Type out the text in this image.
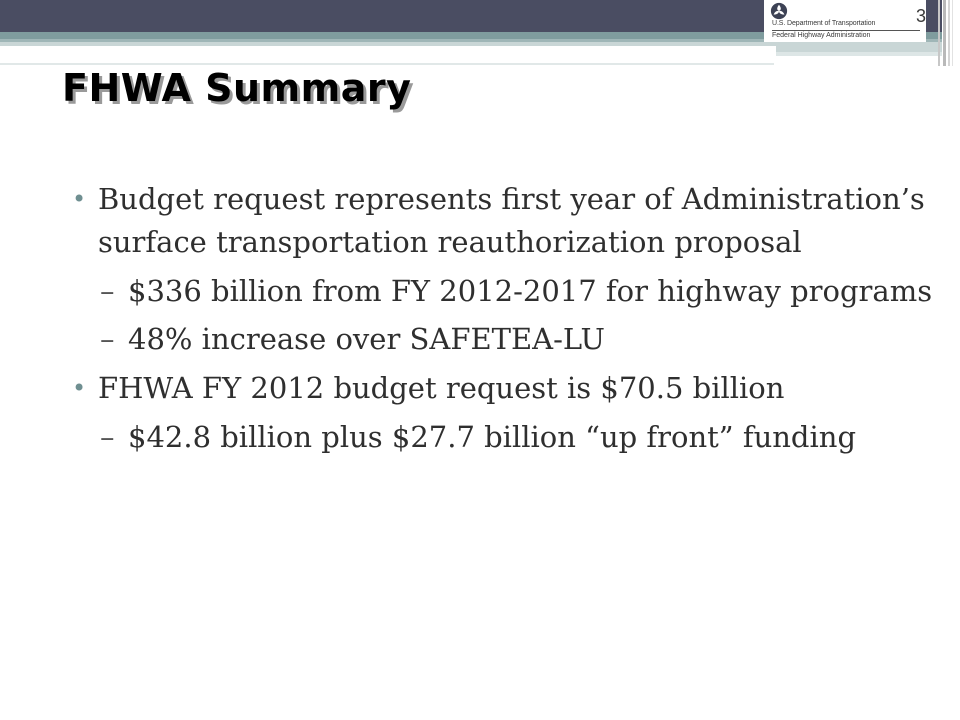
U.S. Department of Transportation
Federal Highway Administration
3
FHWA Summary
• Budget request represents first year of Administration’s surface transportation reauthorization proposal
– $336 billion from FY 2012-2017 for highway programs
– 48% increase over SAFETEA-LU
• FHWA FY 2012 budget request is $70.5 billion
– $42.8 billion plus $27.7 billion “up front” funding
